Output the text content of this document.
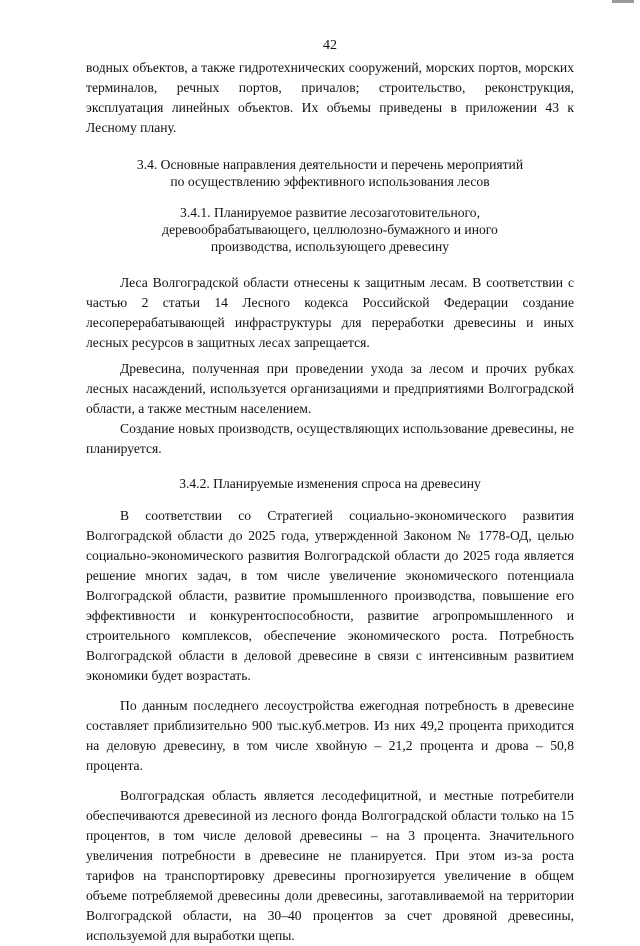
42

водных объектов, а также гидротехнических сооружений, морских портов, морских терминалов, речных портов, причалов; строительство, реконструкция, эксплуатация линейных объектов. Их объемы приведены в приложении 43 к Лесному плану.

3.4. Основные направления деятельности и перечень мероприятий
по осуществлению эффективного использования лесов
3.4.1. Планируемое развитие лесозаготовительного,
деревообрабатывающего, целлюлозно-бумажного и иного
производства, использующего древесину

Леса Волгоградской области отнесены к защитным лесам. В соответствии с частью 2 статьи 14 Лесного кодекса Российской Федерации создание лесоперерабатывающей инфраструктуры для переработки древесины и иных лесных ресурсов в защитных лесах запрещается.

Древесина, полученная при проведении ухода за лесом и прочих рубках лесных насаждений, используется организациями и предприятиями Волгоградской области, а также местным населением.

Создание новых производств, осуществляющих использование древесины, не планируется.

3.4.2. Планируемые изменения спроса на древесину

В соответствии со Стратегией социально-экономического развития Волгоградской области до 2025 года, утвержденной Законом № 1778-ОД, целью социально-экономического развития Волгоградской области до 2025 года является решение многих задач, в том числе увеличение экономического потенциала Волгоградской области, развитие промышленного производства, повышение его эффективности и конкурентоспособности, развитие агропромышленного и строительного комплексов, обеспечение экономического роста. Потребность Волгоградской области в деловой древесине в связи с интенсивным развитием экономики будет возрастать.

По данным последнего лесоустройства ежегодная потребность в древесине составляет приблизительно 900 тыс.куб.метров. Из них 49,2 процента приходится на деловую древесину, в том числе хвойную – 21,2 процента и дрова – 50,8 процента.

Волгоградская область является лесодефицитной, и местные потребители обеспечиваются древесиной из лесного фонда Волгоградской области только на 15 процентов, в том числе деловой древесины – на 3 процента. Значительного увеличения потребности в древесине не планируется. При этом из-за роста тарифов на транспортировку древесины прогнозируется увеличение в общем объеме потребляемой древесины доли древесины, заготавливаемой на территории Волгоградской области, на 30–40 процентов за счет дровяной древесины, используемой для выработки щепы.
